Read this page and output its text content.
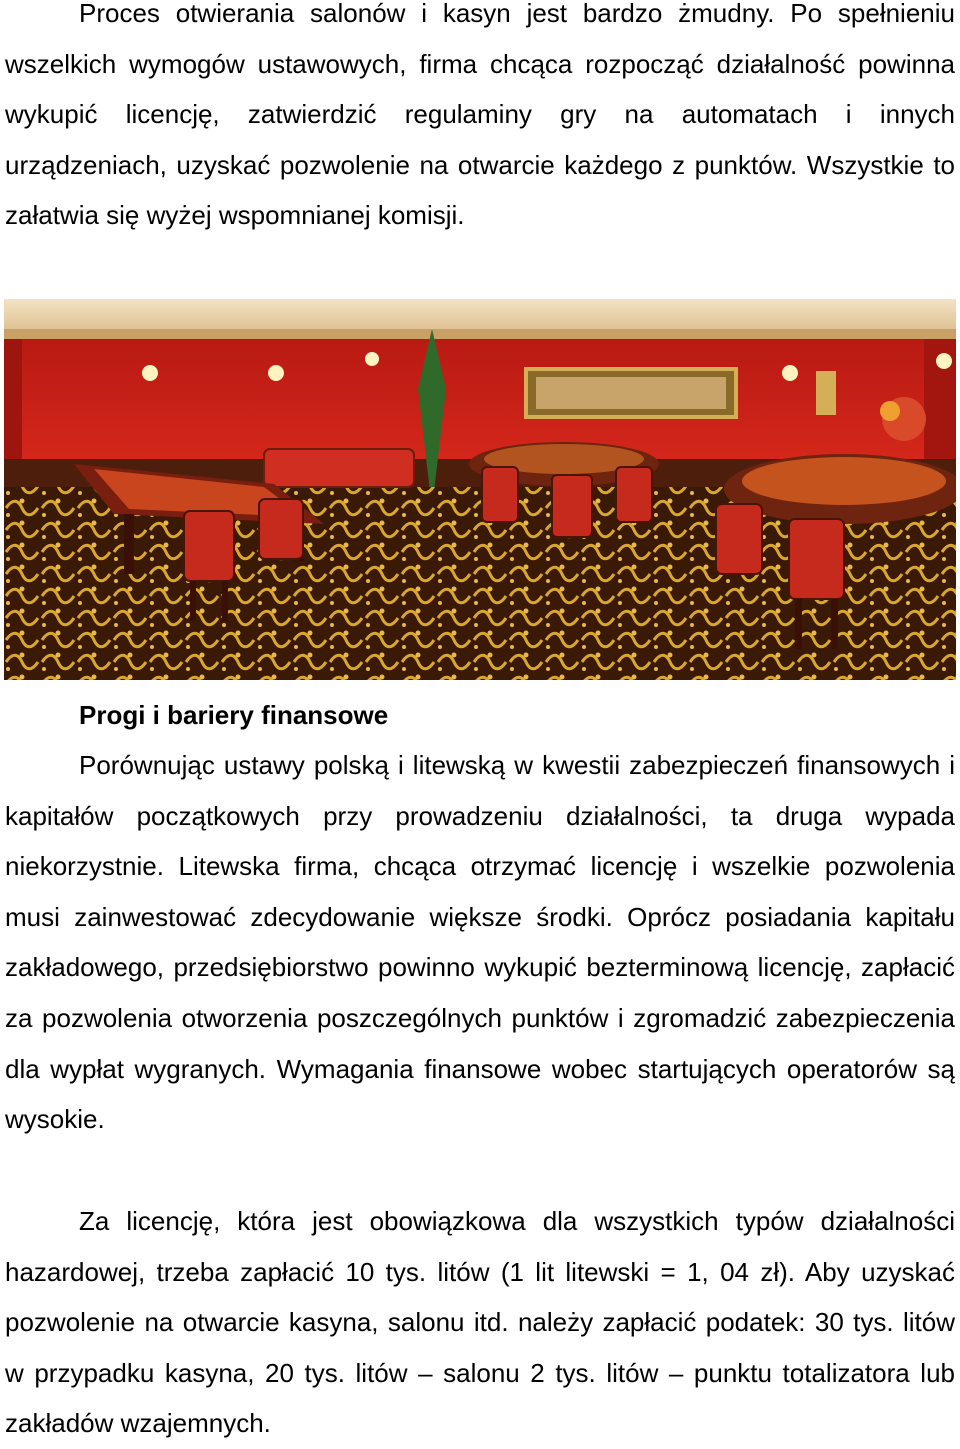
Proces otwierania salonów i kasyn jest bardzo żmudny. Po spełnieniu wszelkich wymogów ustawowych, firma chcąca rozpocząć działalność powinna wykupić licencję, zatwierdzić regulaminy gry na automatach i innych urządzeniach, uzyskać pozwolenie na otwarcie każdego z punktów. Wszystkie to załatwia się wyżej wspomnianej komisji.

Progi i bariery finansowe

Porównując ustawy polską i litewską w kwestii zabezpieczeń finansowych i kapitałów początkowych przy prowadzeniu działalności, ta druga wypada niekorzystnie. Litewska firma, chcąca otrzymać licencję i wszelkie pozwolenia musi zainwestować zdecydowanie większe środki. Oprócz posiadania kapitału zakładowego, przedsiębiorstwo powinno wykupić bezterminową licencję, zapłacić za pozwolenia otworzenia poszczególnych punktów i zgromadzić zabezpieczenia dla wypłat wygranych. Wymagania finansowe wobec startujących operatorów są wysokie.

Za licencję, która jest obowiązkowa dla wszystkich typów działalności hazardowej, trzeba zapłacić 10 tys. litów (1 lit litewski = 1, 04 zł). Aby uzyskać pozwolenie na otwarcie kasyna, salonu itd. należy zapłacić podatek: 30 tys. litów w przypadku kasyna, 20 tys. litów – salonu 2 tys. litów – punktu totalizatora lub zakładów wzajemnych.
